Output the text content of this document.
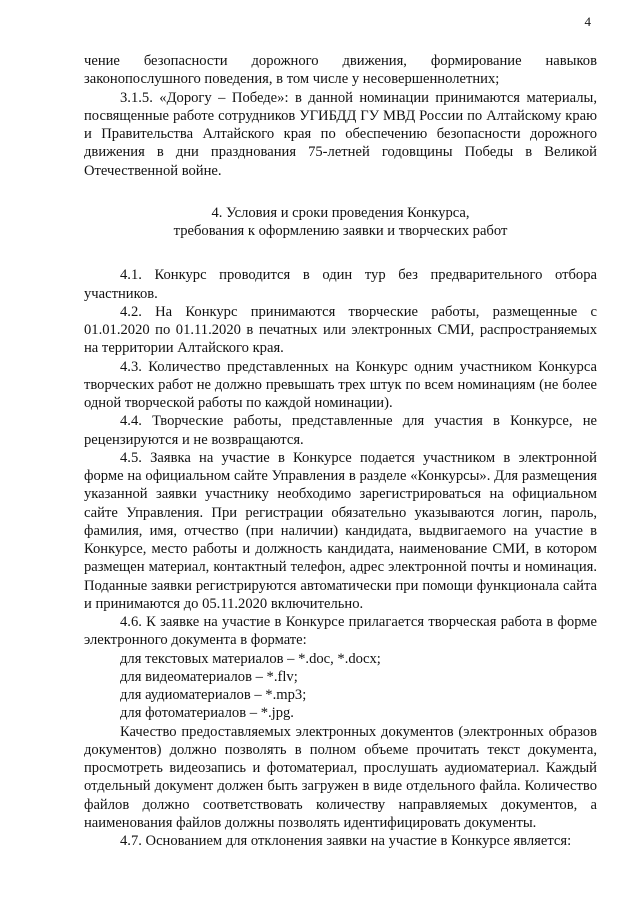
4

чение безопасности дорожного движения, формирование навыков законопослушного поведения, в том числе у несовершеннолетних;

3.1.5. «Дорогу – Победе»: в данной номинации принимаются материалы, посвященные работе сотрудников УГИБДД ГУ МВД России по Алтайскому краю и Правительства Алтайского края по обеспечению безопасности дорожного движения в дни празднования 75-летней годовщины Победы в Великой Отечественной войне.

4. Условия и сроки проведения Конкурса,

требования к оформлению заявки и творческих работ

4.1. Конкурс проводится в один тур без предварительного отбора участников.

4.2. На Конкурс принимаются творческие работы, размещенные с 01.01.2020 по 01.11.2020 в печатных или электронных СМИ, распространяемых на территории Алтайского края.

4.3. Количество представленных на Конкурс одним участником Конкурса творческих работ не должно превышать трех штук по всем номинациям (не более одной творческой работы по каждой номинации).

4.4. Творческие работы, представленные для участия в Конкурсе, не рецензируются и не возвращаются.

4.5. Заявка на участие в Конкурсе подается участником в электронной форме на официальном сайте Управления в разделе «Конкурсы». Для размещения указанной заявки участнику необходимо зарегистрироваться на официальном сайте Управления. При регистрации обязательно указываются логин, пароль, фамилия, имя, отчество (при наличии) кандидата, выдвигаемого на участие в Конкурсе, место работы и должность кандидата, наименование СМИ, в котором размещен материал, контактный телефон, адрес электронной почты и номинация. Поданные заявки регистрируются автоматически при помощи функционала сайта и принимаются до 05.11.2020 включительно.

4.6. К заявке на участие в Конкурсе прилагается творческая работа в форме электронного документа в формате:

для текстовых материалов – *.doc, *.docx;

для видеоматериалов – *.flv;

для аудиоматериалов – *.mp3;

для фотоматериалов – *.jpg.

Качество предоставляемых электронных документов (электронных образов документов) должно позволять в полном объеме прочитать текст документа, просмотреть видеозапись и фотоматериал, прослушать аудиоматериал. Каждый отдельный документ должен быть загружен в виде отдельного файла. Количество файлов должно соответствовать количеству направляемых документов, а наименования файлов должны позволять идентифицировать документы.

4.7. Основанием для отклонения заявки на участие в Конкурсе является:
